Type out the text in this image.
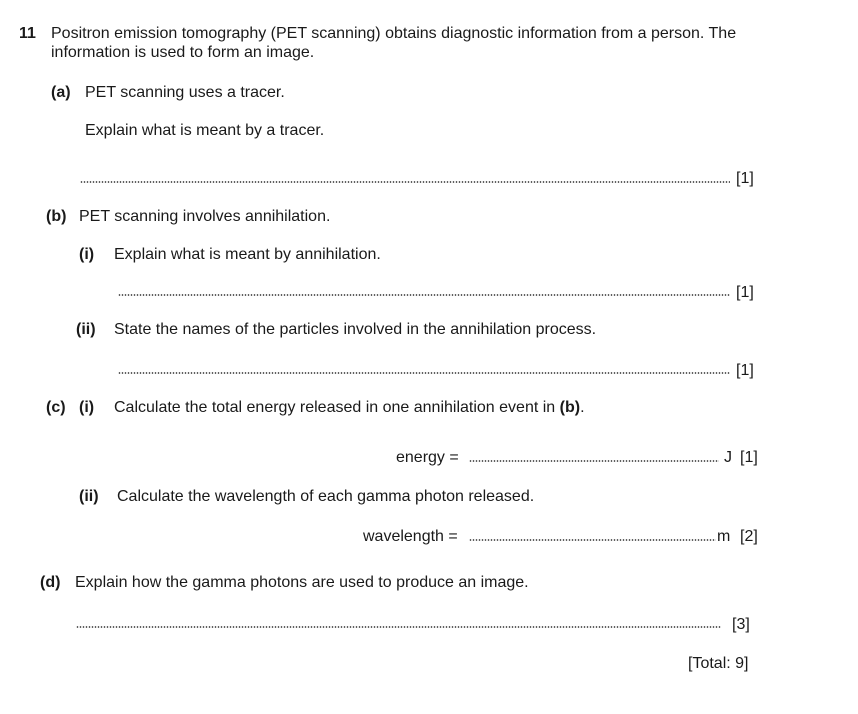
11 Positron emission tomography (PET scanning) obtains diagnostic information from a person. The
information is used to form an image.
(a) PET scanning uses a tracer.
Explain what is meant by a tracer.
[1]
(b) PET scanning involves annihilation.
(i) Explain what is meant by annihilation.
[1]
(ii) State the names of the particles involved in the annihilation process.
[1]
(c) (i) Calculate the total energy released in one annihilation event in (b).
energy =	J [1]
(ii) Calculate the wavelength of each gamma photon released.
wavelength =	m [2]
(d) Explain how the gamma photons are used to produce an image.
[3]
[Total: 9]
